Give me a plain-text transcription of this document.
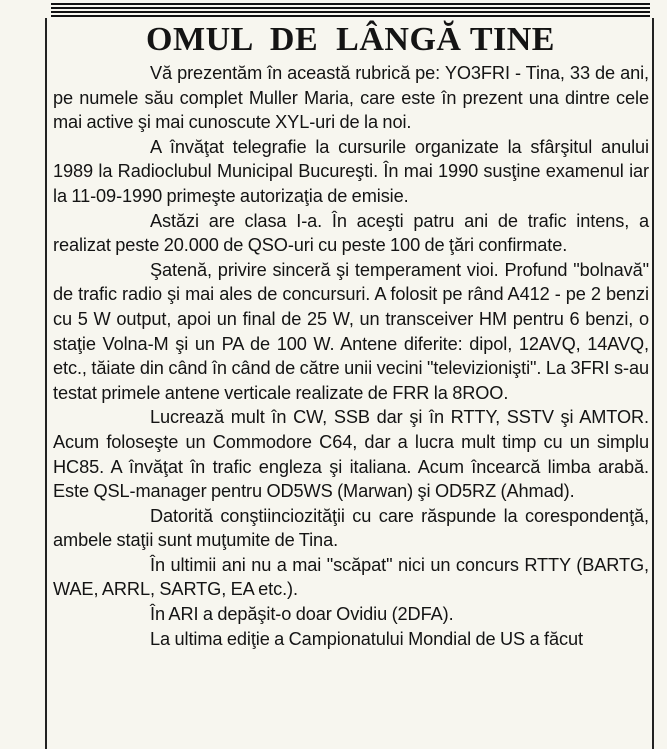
OMUL  DE  LÂNGĂ TINE

Vă prezentăm în această rubrică pe: YO3FRI - Tina, 33 de ani, pe numele său complet Muller Maria, care este în prezent una dintre cele mai active şi mai cunoscute XYL-uri de la noi.

A învăţat telegrafie la cursurile organizate la sfârşitul anului 1989 la Radioclubul Municipal Bucureşti. În mai 1990 susţine examenul iar la 11-09-1990 primeşte autorizaţia de emisie.

Astăzi are clasa I-a. În aceşti patru ani de trafic intens, a realizat peste 20.000 de QSO-uri cu peste 100 de ţări confirmate.

Şatenă, privire sinceră şi temperament vioi. Profund "bolnavă" de trafic radio şi mai ales de concursuri. A folosit pe rând A412 - pe 2 benzi cu 5 W output, apoi un final de 25 W, un transceiver HM pentru 6 benzi, o staţie Volna-M şi un PA de 100 W. Antene diferite: dipol, 12AVQ, 14AVQ, etc., tăiate din când în când de către unii vecini "televizionişti". La 3FRI s-au testat primele antene verticale realizate de FRR la 8ROO.

Lucrează mult în CW, SSB dar şi în RTTY, SSTV şi AMTOR. Acum foloseşte un Commodore C64, dar a lucra mult timp cu un simplu HC85. A învăţat în trafic engleza şi italiana. Acum încearcă limba arabă. Este QSL-manager pentru OD5WS (Marwan) şi OD5RZ (Ahmad).

Datorită conştiinciozităţii cu care răspunde la corespondenţă, ambele staţii sunt muţumite de Tina.

În ultimii ani nu a mai "scăpat" nici un concurs RTTY (BARTG, WAE, ARRL, SARTG, EA etc.).

În ARI a depăşit-o doar Ovidiu (2DFA).

La ultima ediţie a Campionatului Mondial de US a făcut
